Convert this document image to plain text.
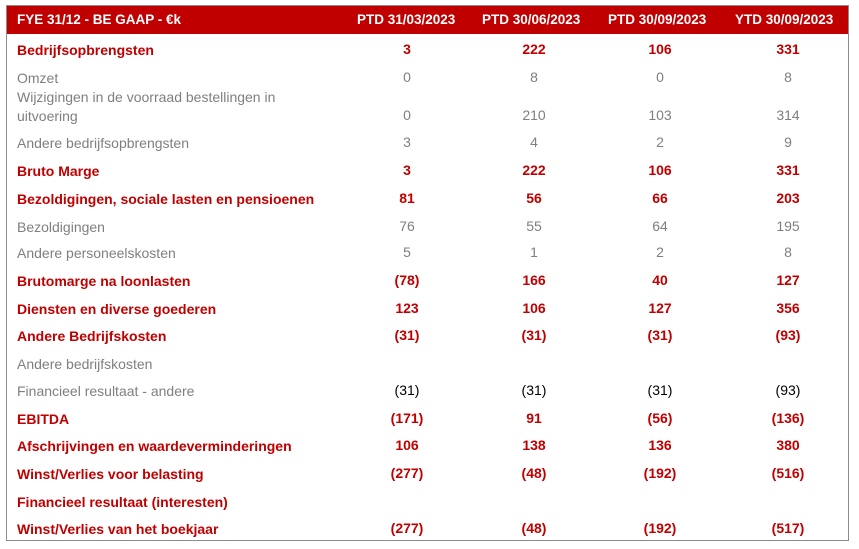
FYE 31/12 - BE GAAP - €k	PTD 31/03/2023 PTD 30/06/2023 PTD 30/09/2023 YTD 30/09/2023
Bedrijfsopbrengsten	3	222	106	331
Omzet	0	8	0	8
Wijzigingen in de voorraad bestellingen in uitvoering	0	210	103	314
Andere bedrijfsopbrengsten	3	4	2	9
Bruto Marge	3	222	106	331
Bezoldigingen, sociale lasten en pensioenen	81	56	66	203
Bezoldigingen	76	55	64	195
Andere personeelskosten	5	1	2	8
Brutomarge na loonlasten	(78)	166	40	127
Diensten en diverse goederen	123	106	127	356
Andere Bedrijfskosten	(31)	(31)	(31)	(93)
Andere bedrijfskosten
Financieel resultaat - andere	(31)	(31)	(31)	(93)
EBITDA	(171)	91	(56)	(136)
Afschrijvingen en waardeverminderingen	106	138	136	380
Winst/Verlies voor belasting	(277)	(48)	(192)	(516)
Financieel resultaat (interesten)
Winst/Verlies van het boekjaar	(277)	(48)	(192)	(517)
